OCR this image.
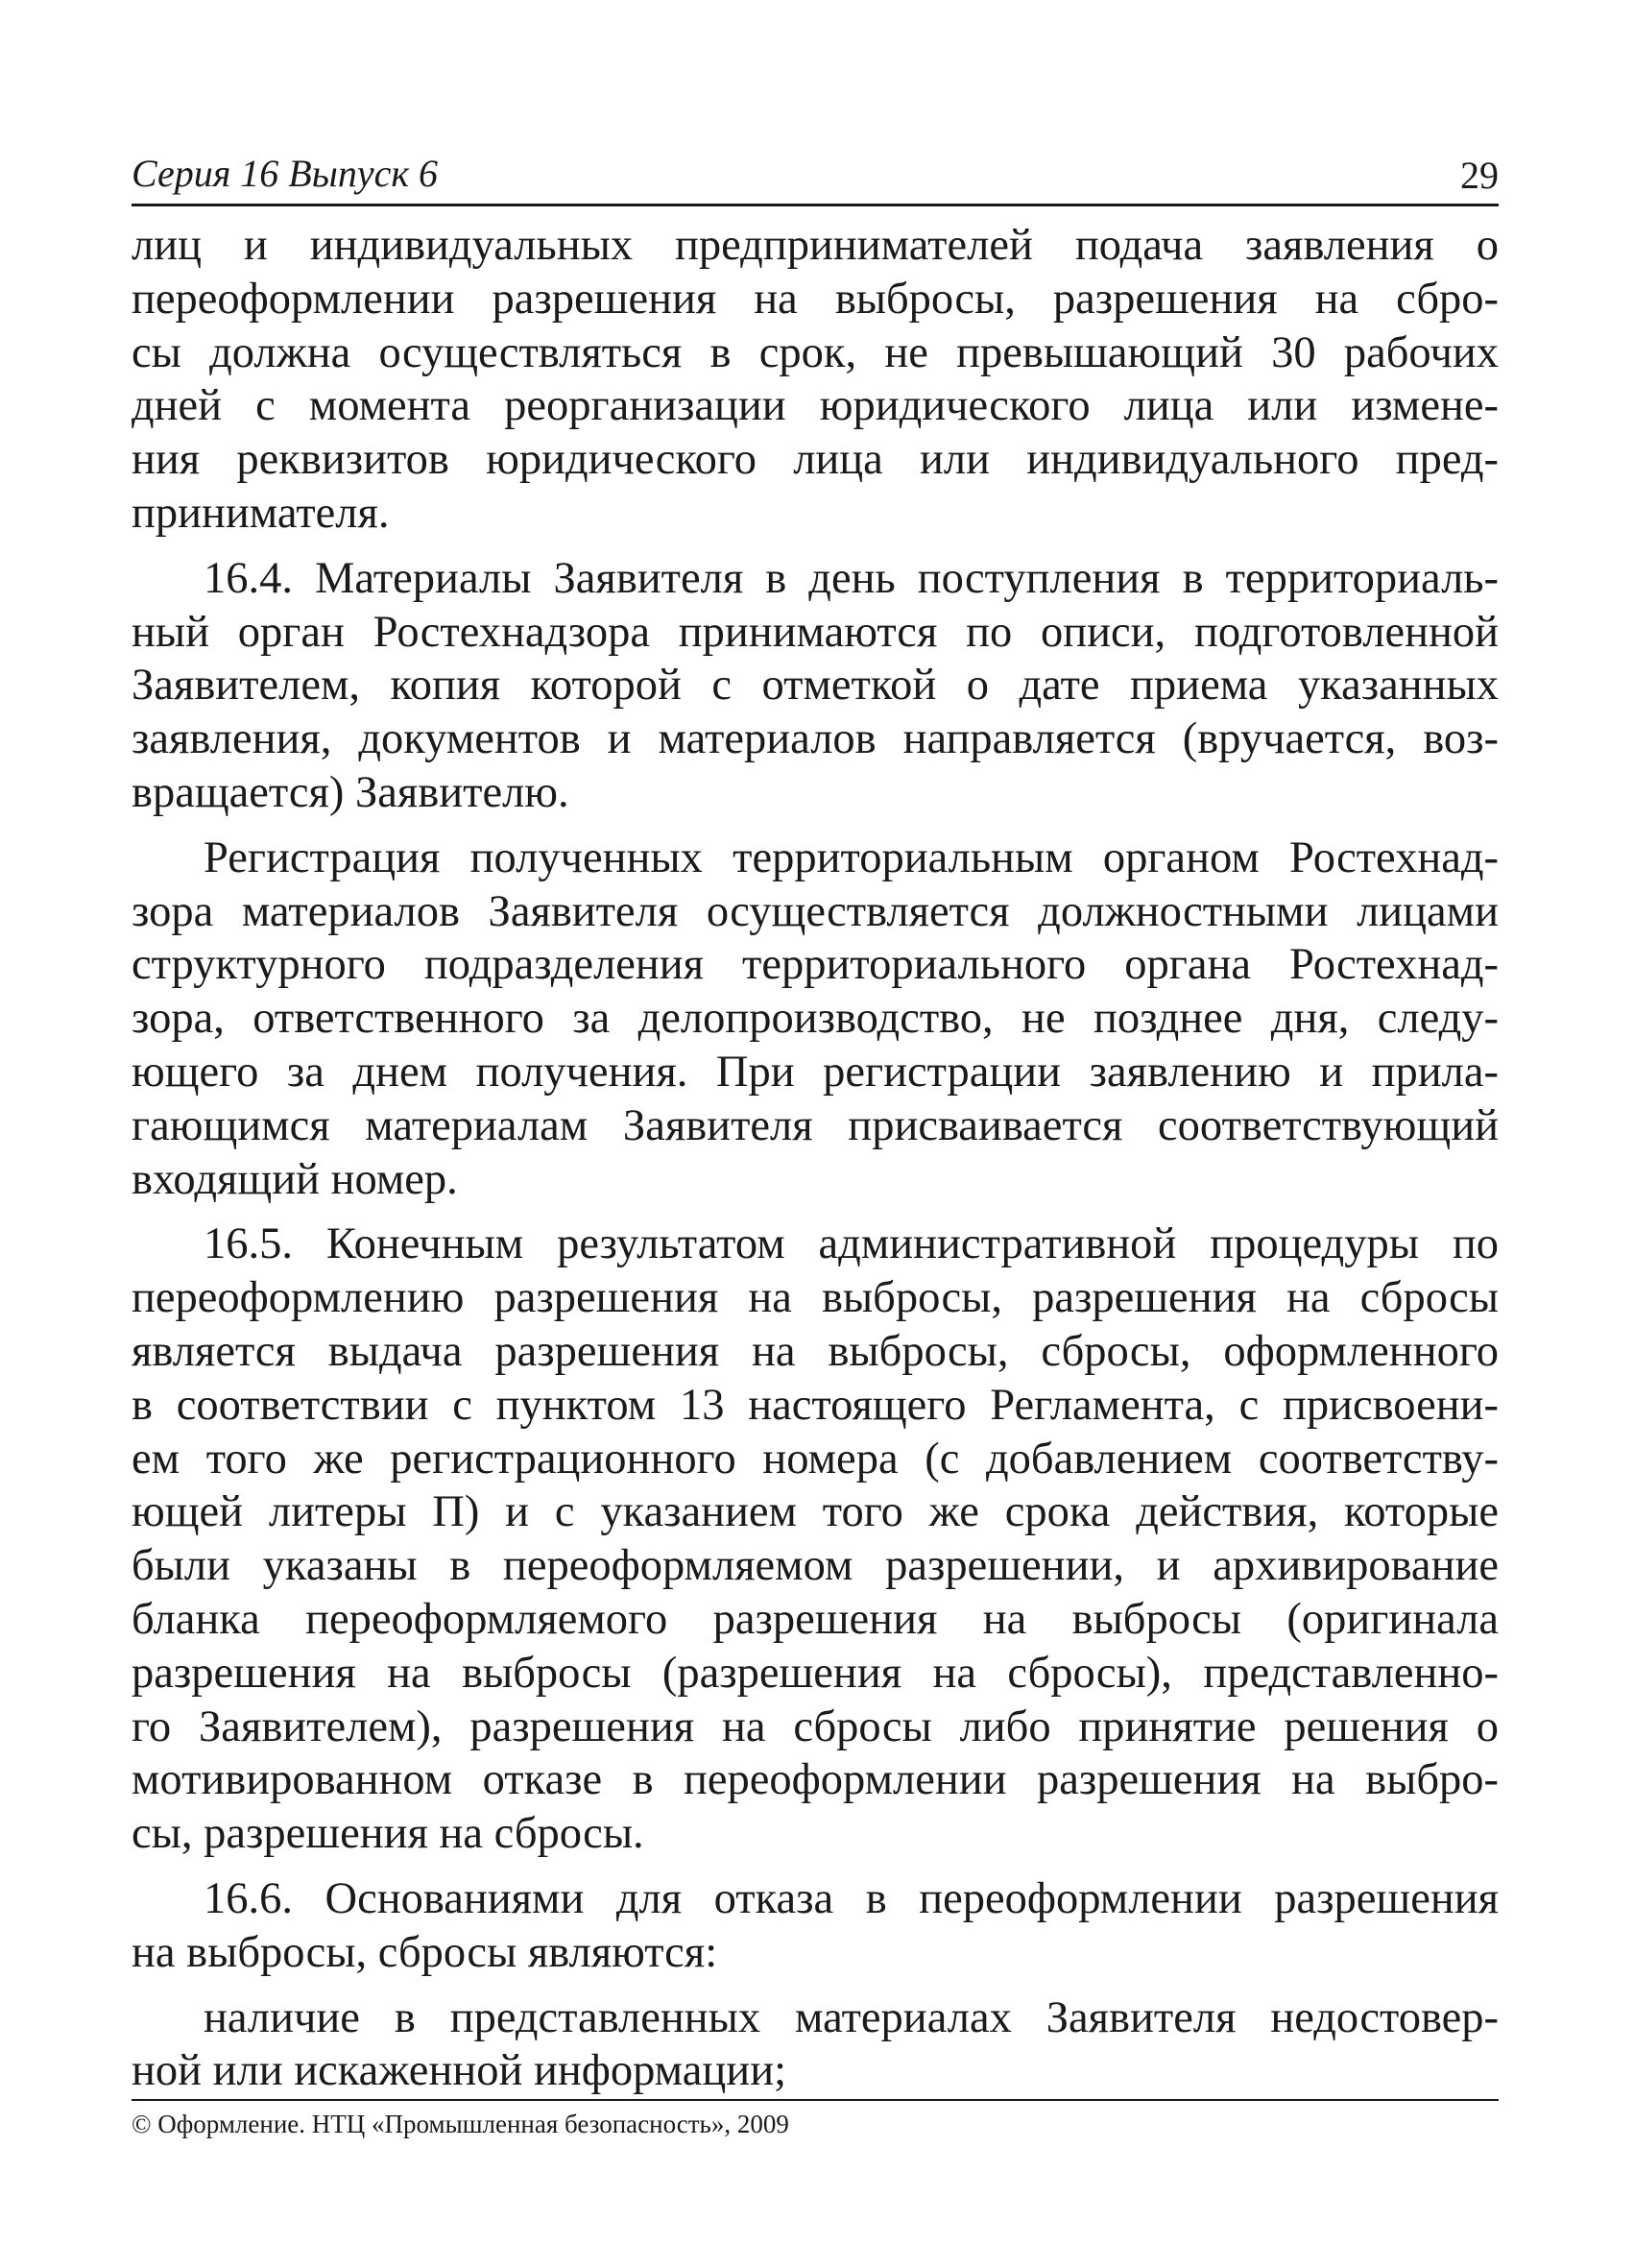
Серия 16 Выпуск 6	29
лиц и индивидуальных предпринимателей подача заявления о
переоформлении разрешения на выбросы, разрешения на сбро-
сы должна осуществляться в срок, не превышающий 30 рабочих
дней с момента реорганизации юридического лица или измене-
ния реквизитов юридического лица или индивидуального пред-
принимателя.
16.4. Материалы Заявителя в день поступления в территориаль-
ный орган Ростехнадзора принимаются по описи, подготовленной
Заявителем, копия которой с отметкой о дате приема указанных
заявления, документов и материалов направляется (вручается, воз-
вращается) Заявителю.
Регистрация полученных территориальным органом Ростехнад-
зора материалов Заявителя осуществляется должностными лицами
структурного подразделения территориального органа Ростехнад-
зора, ответственного за делопроизводство, не позднее дня, следу-
ющего за днем получения. При регистрации заявлению и прила-
гающимся материалам Заявителя присваивается соответствующий
входящий номер.
16.5. Конечным результатом административной процедуры по
переоформлению разрешения на выбросы, разрешения на сбросы
является выдача разрешения на выбросы, сбросы, оформленного
в соответствии с пунктом 13 настоящего Регламента, с присвоени-
ем того же регистрационного номера (с добавлением соответству-
ющей литеры П) и с указанием того же срока действия, которые
были указаны в переоформляемом разрешении, и архивирование
бланка переоформляемого разрешения на выбросы (оригинала
разрешения на выбросы (разрешения на сбросы), представленно-
го Заявителем), разрешения на сбросы либо принятие решения о
мотивированном отказе в переоформлении разрешения на выбро-
сы, разрешения на сбросы.
16.6. Основаниями для отказа в переоформлении разрешения
на выбросы, сбросы являются:
наличие в представленных материалах Заявителя недостовер-
ной или искаженной информации;
© Оформление. НТЦ «Промышленная безопасность», 2009
